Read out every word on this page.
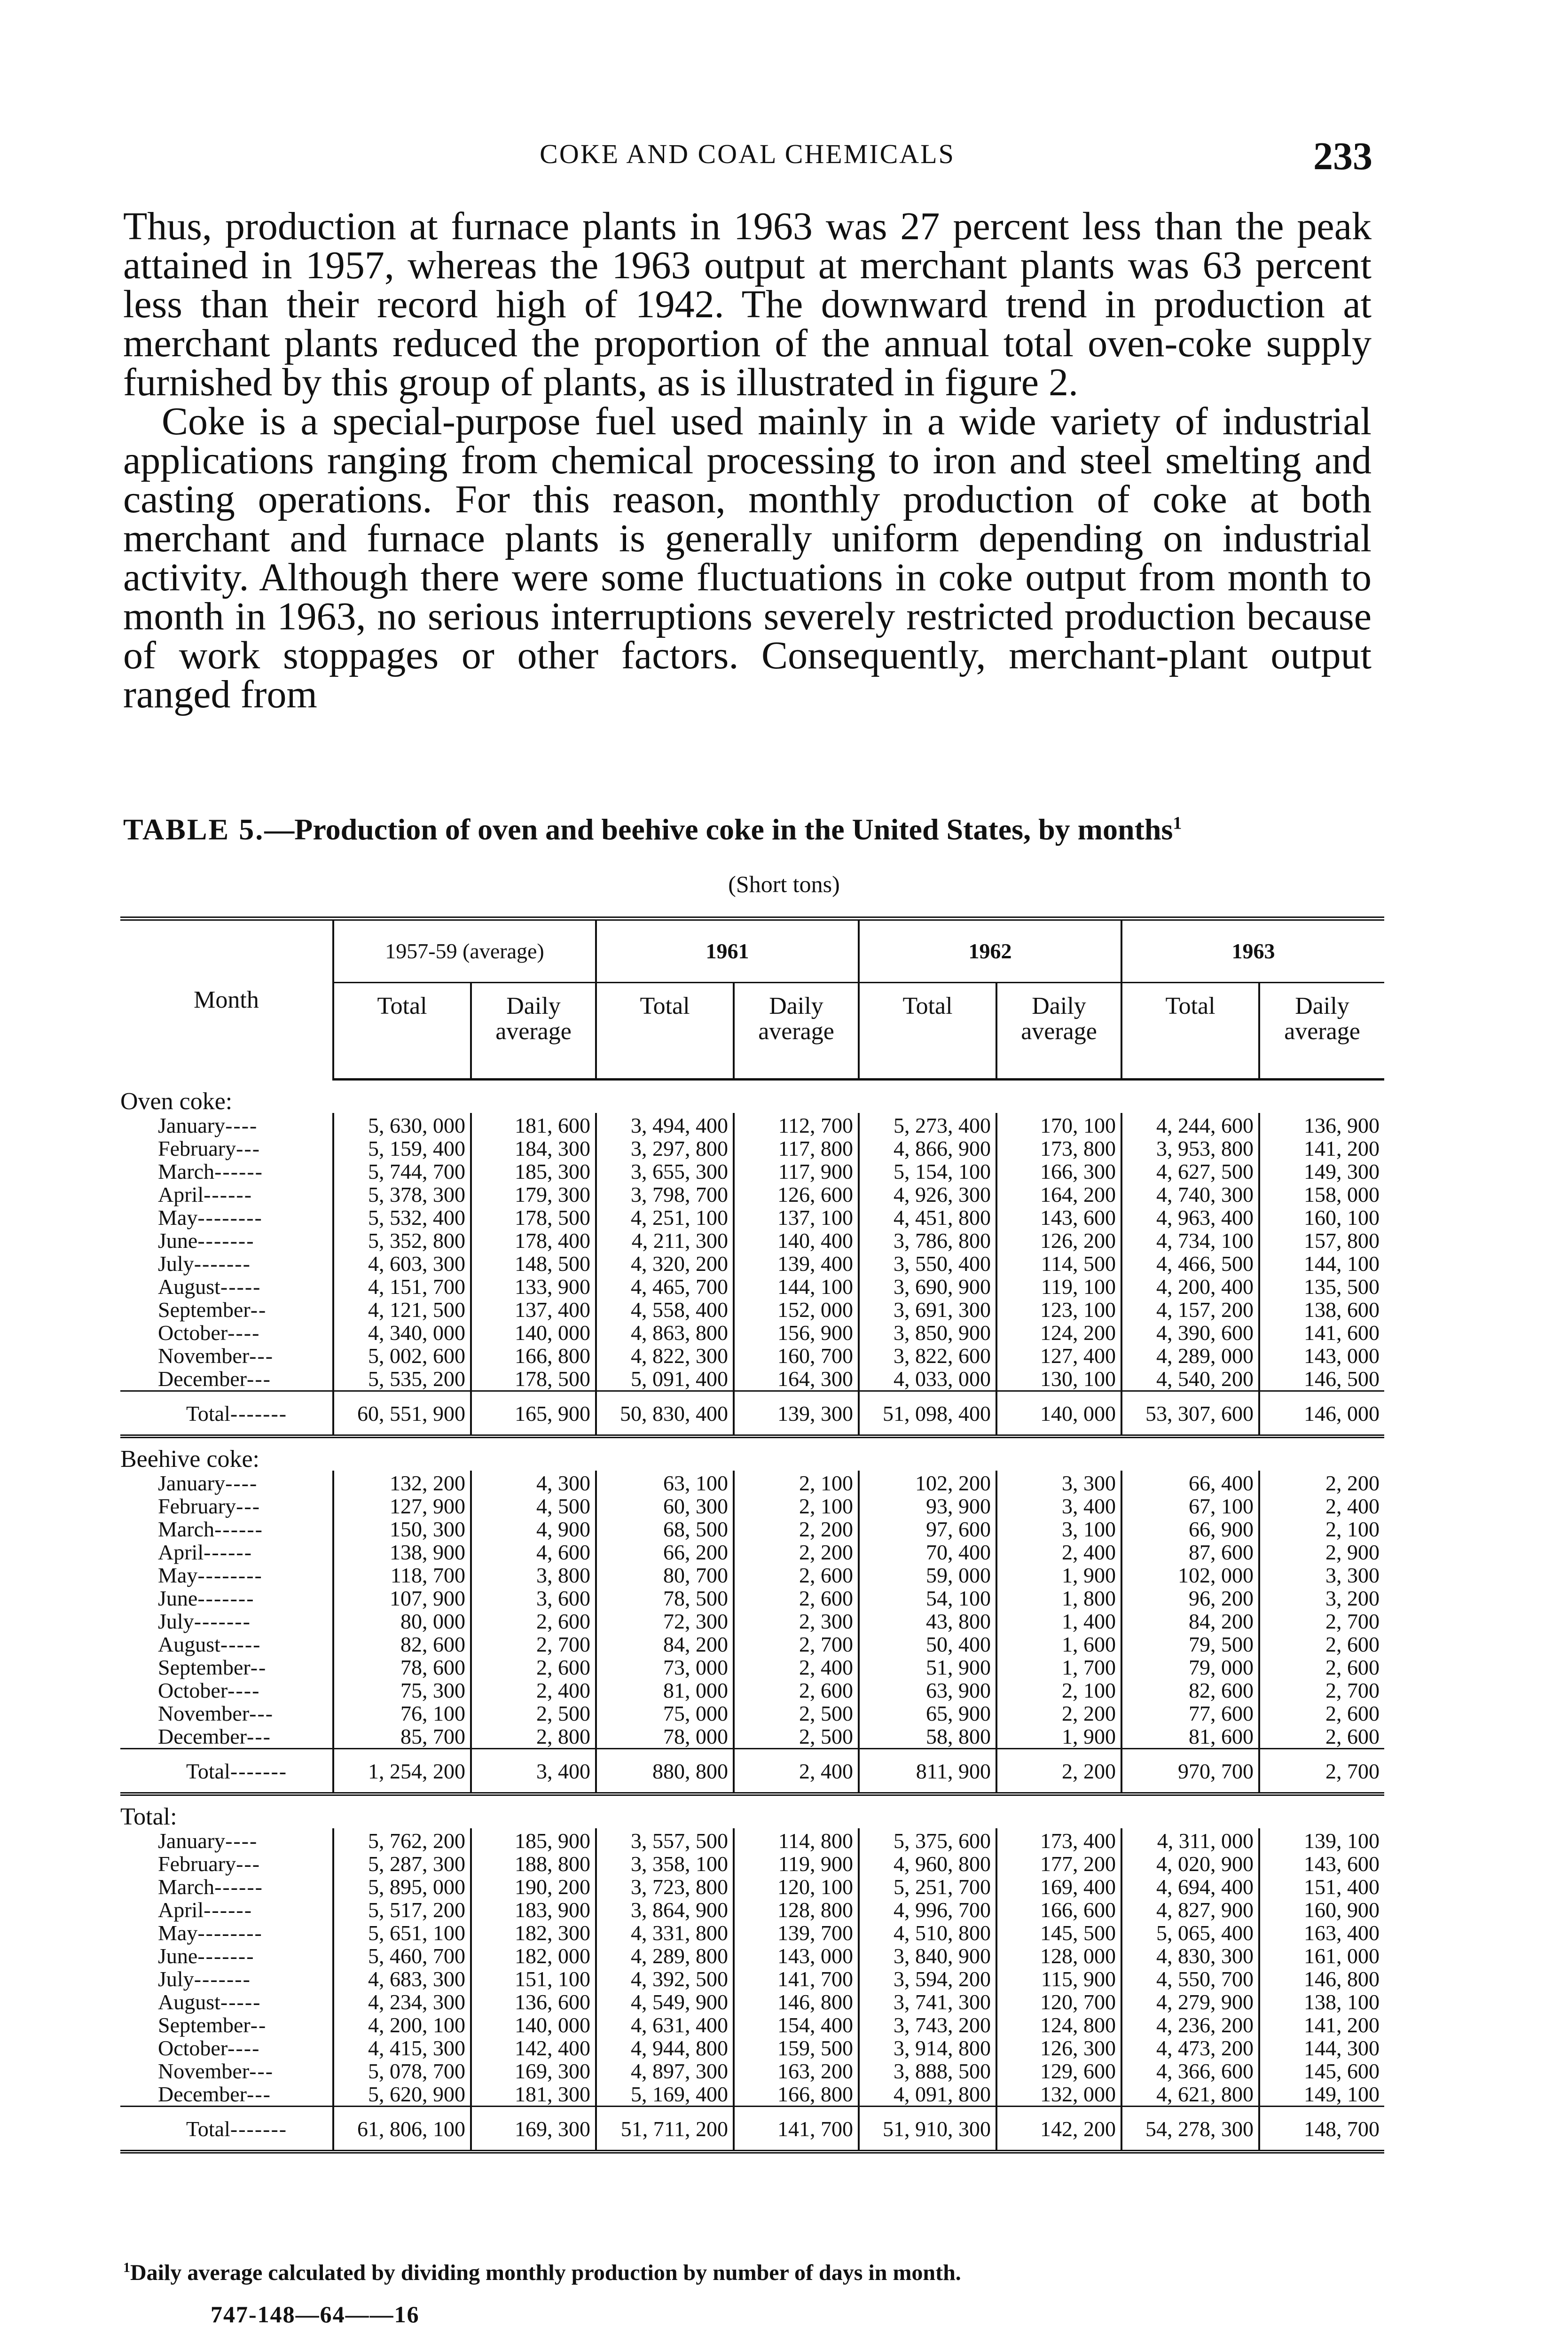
COKE AND COAL CHEMICALS	233

Thus, production at furnace plants in 1963 was 27 percent less than the peak attained in 1957, whereas the 1963 output at merchant plants was 63 percent less than their record high of 1942. The downward trend in production at merchant plants reduced the proportion of the annual total oven-coke supply furnished by this group of plants, as is illustrated in figure 2.

Coke is a special-purpose fuel used mainly in a wide variety of industrial applications ranging from chemical processing to iron and steel smelting and casting operations. For this reason, monthly production of coke at both merchant and furnace plants is generally uniform depending on industrial activity. Although there were some fluctuations in coke output from month to month in 1963, no serious interruptions severely restricted production because of work stoppages or other factors. Consequently, merchant-plant output ranged from

TABLE 5.—Production of oven and beehive coke in the United States, by months$^1$
(Short tons)
Month	1957-59 (average)		1961		1962		1963	
	Total	Daily average	Total	Daily average	Total	Daily average	Total	Daily average
Oven coke:								
January----	5, 630, 000	181, 600	3, 494, 400	112, 700	5, 273, 400	170, 100	4, 244, 600	136, 900
February---	5, 159, 400	184, 300	3, 297, 800	117, 800	4, 866, 900	173, 800	3, 953, 800	141, 200
March------	5, 744, 700	185, 300	3, 655, 300	117, 900	5, 154, 100	166, 300	4, 627, 500	149, 300
April------	5, 378, 300	179, 300	3, 798, 700	126, 600	4, 926, 300	164, 200	4, 740, 300	158, 000
May--------	5, 532, 400	178, 500	4, 251, 100	137, 100	4, 451, 800	143, 600	4, 963, 400	160, 100
June-------	5, 352, 800	178, 400	4, 211, 300	140, 400	3, 786, 800	126, 200	4, 734, 100	157, 800
July-------	4, 603, 300	148, 500	4, 320, 200	139, 400	3, 550, 400	114, 500	4, 466, 500	144, 100
August-----	4, 151, 700	133, 900	4, 465, 700	144, 100	3, 690, 900	119, 100	4, 200, 400	135, 500
September--	4, 121, 500	137, 400	4, 558, 400	152, 000	3, 691, 300	123, 100	4, 157, 200	138, 600
October----	4, 340, 000	140, 000	4, 863, 800	156, 900	3, 850, 900	124, 200	4, 390, 600	141, 600
November---	5, 002, 600	166, 800	4, 822, 300	160, 700	3, 822, 600	127, 400	4, 289, 000	143, 000
December---	5, 535, 200	178, 500	5, 091, 400	164, 300	4, 033, 000	130, 100	4, 540, 200	146, 500
Total-------	60, 551, 900	165, 900	50, 830, 400	139, 300	51, 098, 400	140, 000	53, 307, 600	146, 000
Beehive coke:								
January----	132, 200	4, 300	63, 100	2, 100	102, 200	3, 300	66, 400	2, 200
February---	127, 900	4, 500	60, 300	2, 100	93, 900	3, 400	67, 100	2, 400
March------	150, 300	4, 900	68, 500	2, 200	97, 600	3, 100	66, 900	2, 100
April------	138, 900	4, 600	66, 200	2, 200	70, 400	2, 400	87, 600	2, 900
May--------	118, 700	3, 800	80, 700	2, 600	59, 000	1, 900	102, 000	3, 300
June-------	107, 900	3, 600	78, 500	2, 600	54, 100	1, 800	96, 200	3, 200
July-------	80, 000	2, 600	72, 300	2, 300	43, 800	1, 400	84, 200	2, 700
August-----	82, 600	2, 700	84, 200	2, 700	50, 400	1, 600	79, 500	2, 600
September--	78, 600	2, 600	73, 000	2, 400	51, 900	1, 700	79, 000	2, 600
October----	75, 300	2, 400	81, 000	2, 600	63, 900	2, 100	82, 600	2, 700
November---	76, 100	2, 500	75, 000	2, 500	65, 900	2, 200	77, 600	2, 600
December---	85, 700	2, 800	78, 000	2, 500	58, 800	1, 900	81, 600	2, 600
Total-------	1, 254, 200	3, 400	880, 800	2, 400	811, 900	2, 200	970, 700	2, 700
Total:								
January----	5, 762, 200	185, 900	3, 557, 500	114, 800	5, 375, 600	173, 400	4, 311, 000	139, 100
February---	5, 287, 300	188, 800	3, 358, 100	119, 900	4, 960, 800	177, 200	4, 020, 900	143, 600
March------	5, 895, 000	190, 200	3, 723, 800	120, 100	5, 251, 700	169, 400	4, 694, 400	151, 400
April------	5, 517, 200	183, 900	3, 864, 900	128, 800	4, 996, 700	166, 600	4, 827, 900	160, 900
May--------	5, 651, 100	182, 300	4, 331, 800	139, 700	4, 510, 800	145, 500	5, 065, 400	163, 400
June-------	5, 460, 700	182, 000	4, 289, 800	143, 000	3, 840, 900	128, 000	4, 830, 300	161, 000
July-------	4, 683, 300	151, 100	4, 392, 500	141, 700	3, 594, 200	115, 900	4, 550, 700	146, 800
August-----	4, 234, 300	136, 600	4, 549, 900	146, 800	3, 741, 300	120, 700	4, 279, 900	138, 100
September--	4, 200, 100	140, 000	4, 631, 400	154, 400	3, 743, 200	124, 800	4, 236, 200	141, 200
October----	4, 415, 300	142, 400	4, 944, 800	159, 500	3, 914, 800	126, 300	4, 473, 200	144, 300
November---	5, 078, 700	169, 300	4, 897, 300	163, 200	3, 888, 500	129, 600	4, 366, 600	145, 600
December---	5, 620, 900	181, 300	5, 169, 400	166, 800	4, 091, 800	132, 000	4, 621, 800	149, 100
Total-------	61, 806, 100	169, 300	51, 711, 200	141, 700	51, 910, 300	142, 200	54, 278, 300	148, 700
$^1$Daily average calculated by dividing monthly production by number of days in month.
747-148—64——16
